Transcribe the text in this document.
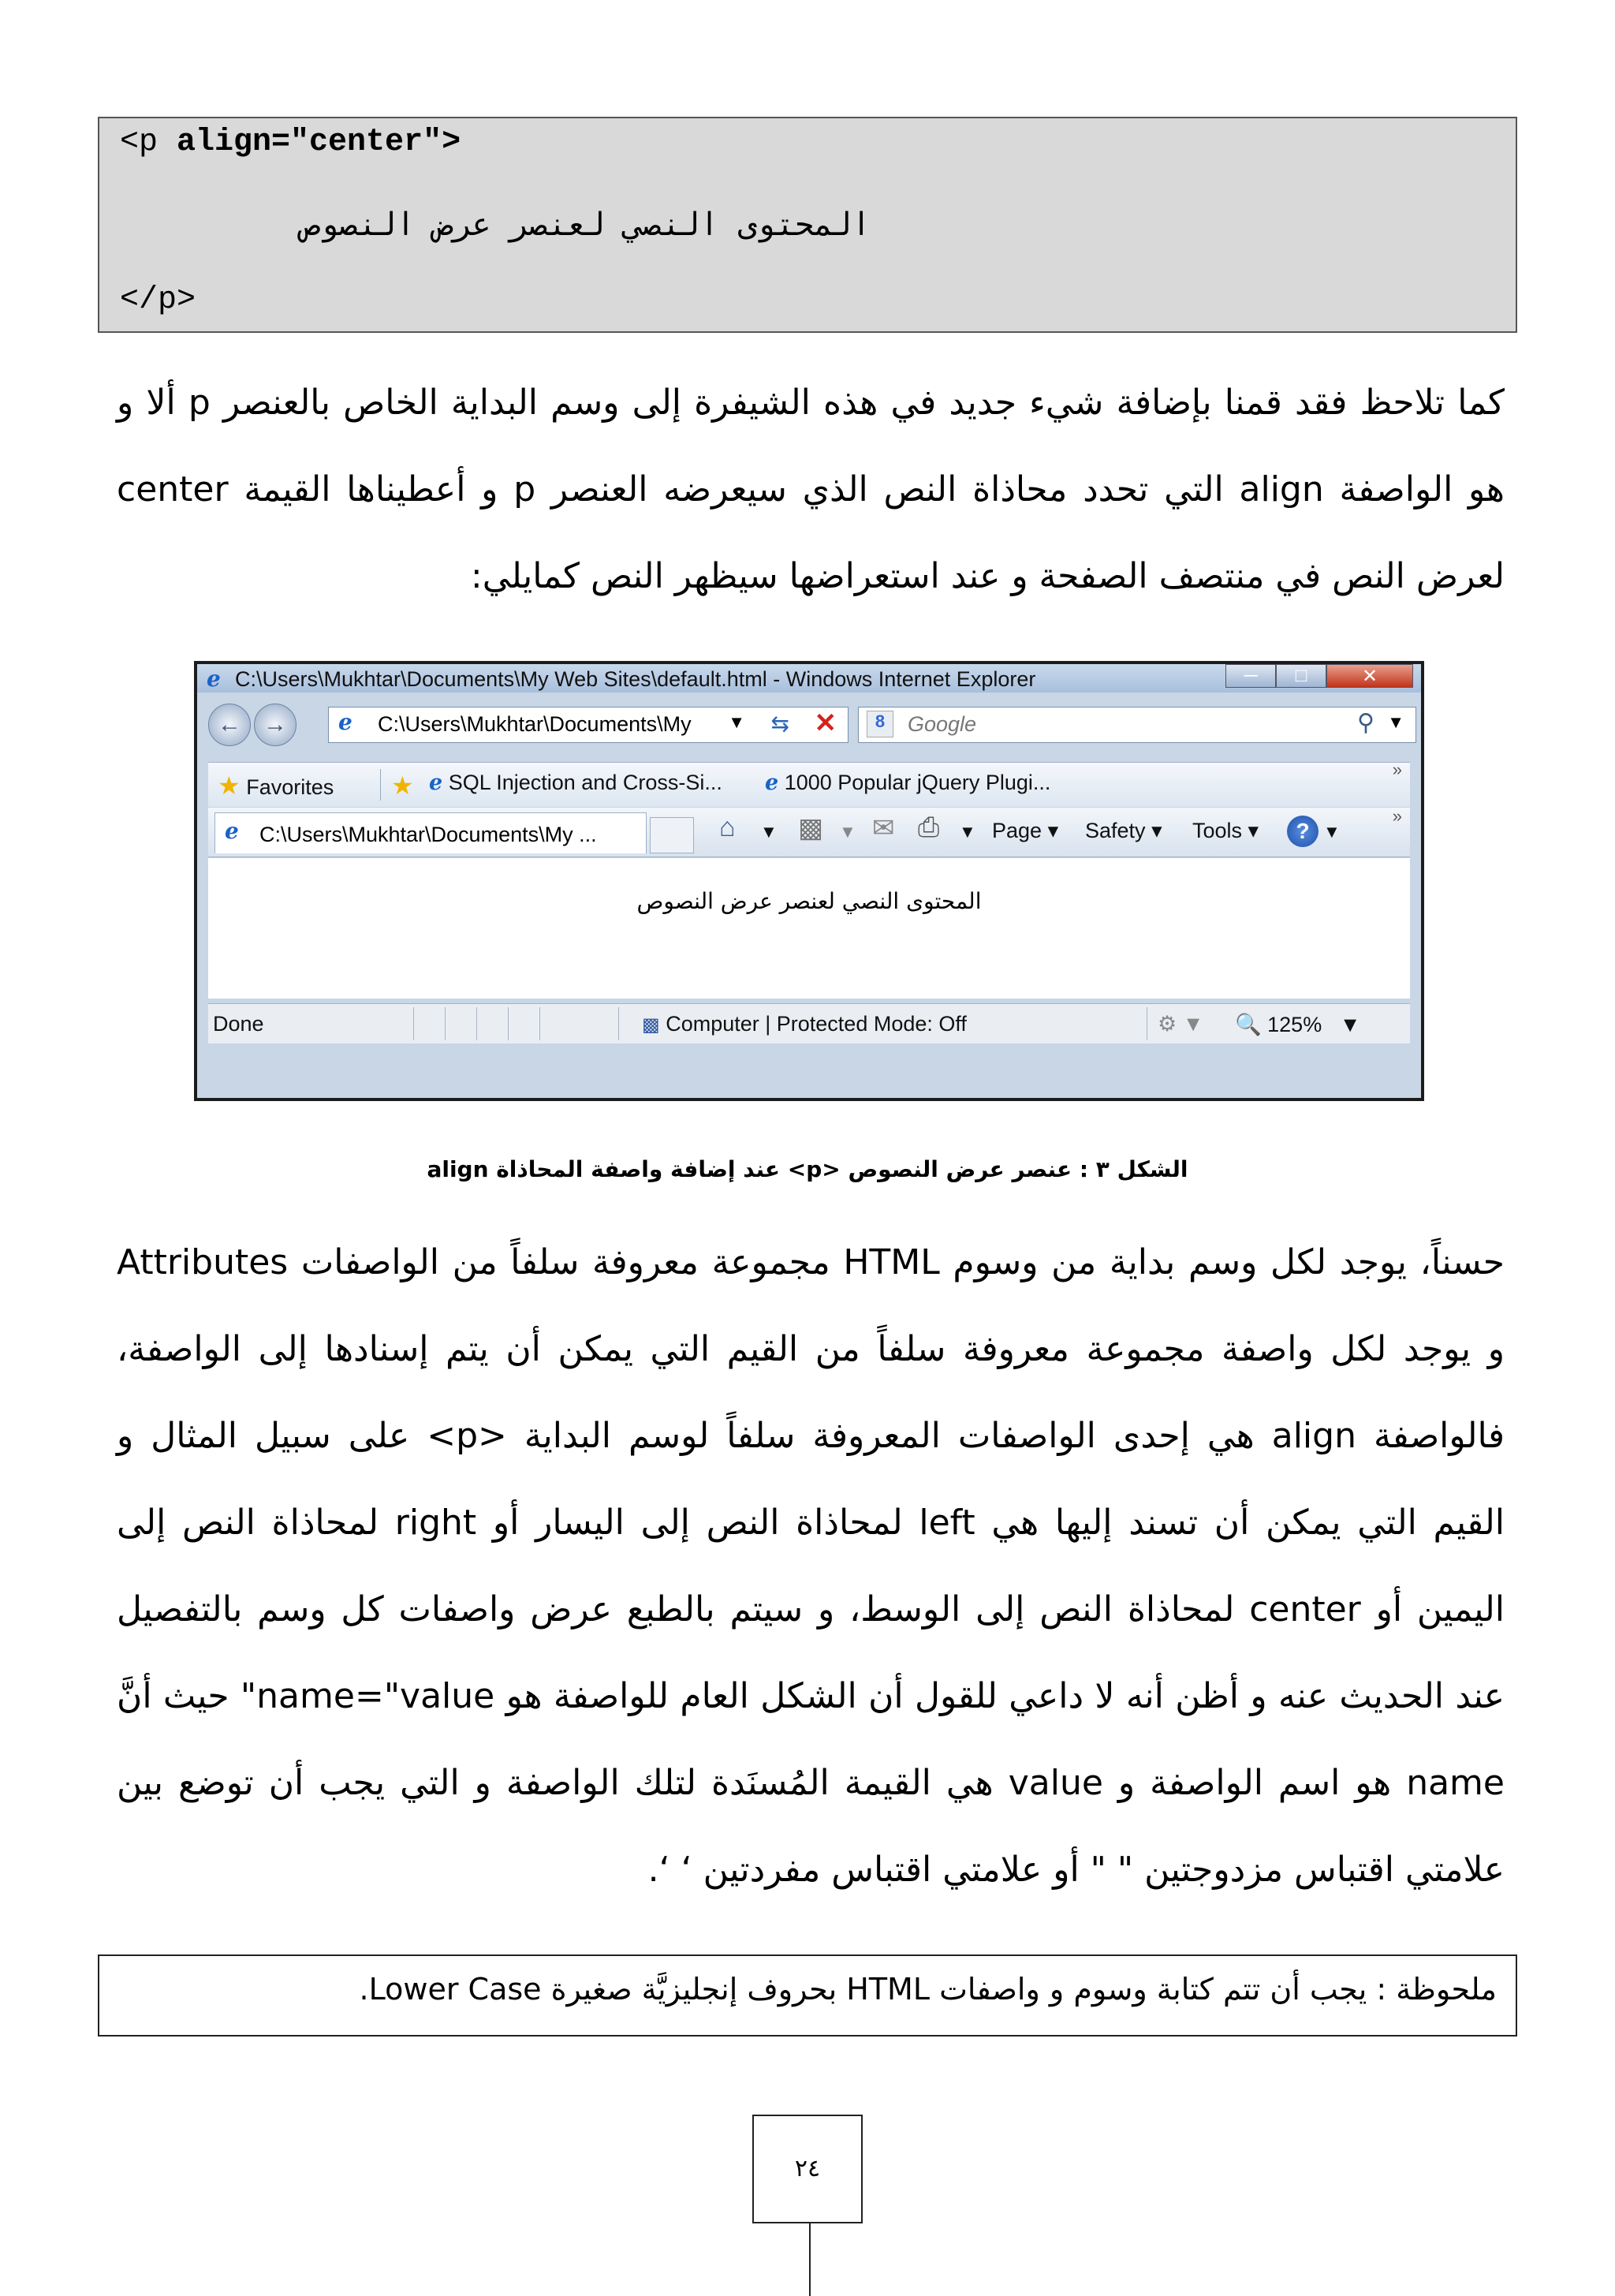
<p align="center">
المحتوى النصي لعنصر عرض النصوص
</p>
كما تلاحظ فقد قمنا بإضافة شيء جديد في هذه الشيفرة إلى وسم البداية الخاص بالعنصر p ألا و هو الواصفة align التي تحدد محاذاة النص الذي سيعرضه العنصر p و أعطيناها القيمة center لعرض النص في منتصف الصفحة و عند استعراضها سيظهر النص كمايلي:
e C:\Users\Mukhtar\Documents\My Web Sites\default.html - Windows Internet Explorer	─	□	✕
← → e C:\Users\Mukhtar\Documents\My ▼ ⇆ ✕	8	Google	⚲ ▼
★ Favorites ★ e SQL Injection and Cross-Si... e 1000 Popular jQuery Plugi...
»
e C:\Users\Mukhtar\Documents\My ...	⌂ ▼ ▩ ▼ ✉ ⎙ ▼ Page ▾ Safety ▾ Tools ▾	? ▼
»
المحتوى النصي لعنصر عرض النصوص
Done	▩ Computer | Protected Mode: Off	⚙ ▼ 🔍 125%   ▼
الشكل ٣ : عنصر عرض النصوص <p> عند إضافة واصفة المحاذاة align
حسناً، يوجد لكل وسم بداية من وسوم HTML مجموعة معروفة سلفاً من الواصفات Attributes و يوجد لكل واصفة مجموعة معروفة سلفاً من القيم التي يمكن أن يتم إسنادها إلى الواصفة، فالواصفة align هي إحدى الواصفات المعروفة سلفاً لوسم البداية <p> على سبيل المثال و القيم التي يمكن أن تسند إليها هي left لمحاذاة النص إلى اليسار أو right لمحاذاة النص إلى اليمين أو center لمحاذاة النص إلى الوسط، و سيتم بالطبع عرض واصفات كل وسم بالتفصيل عند الحديث عنه و أظن أنه لا داعي للقول أن الشكل العام للواصفة هو name="value" حيث أنَّ name هو اسم الواصفة و value هي القيمة المُسنَدة لتلك الواصفة و التي يجب أن توضع بين علامتي اقتباس مزدوجتين " " أو علامتي اقتباس مفردتين ‘ ‘.
ملحوظة : يجب أن تتم كتابة وسوم و واصفات HTML بحروف إنجليزيَّة صغيرة Lower Case.
٢٤
